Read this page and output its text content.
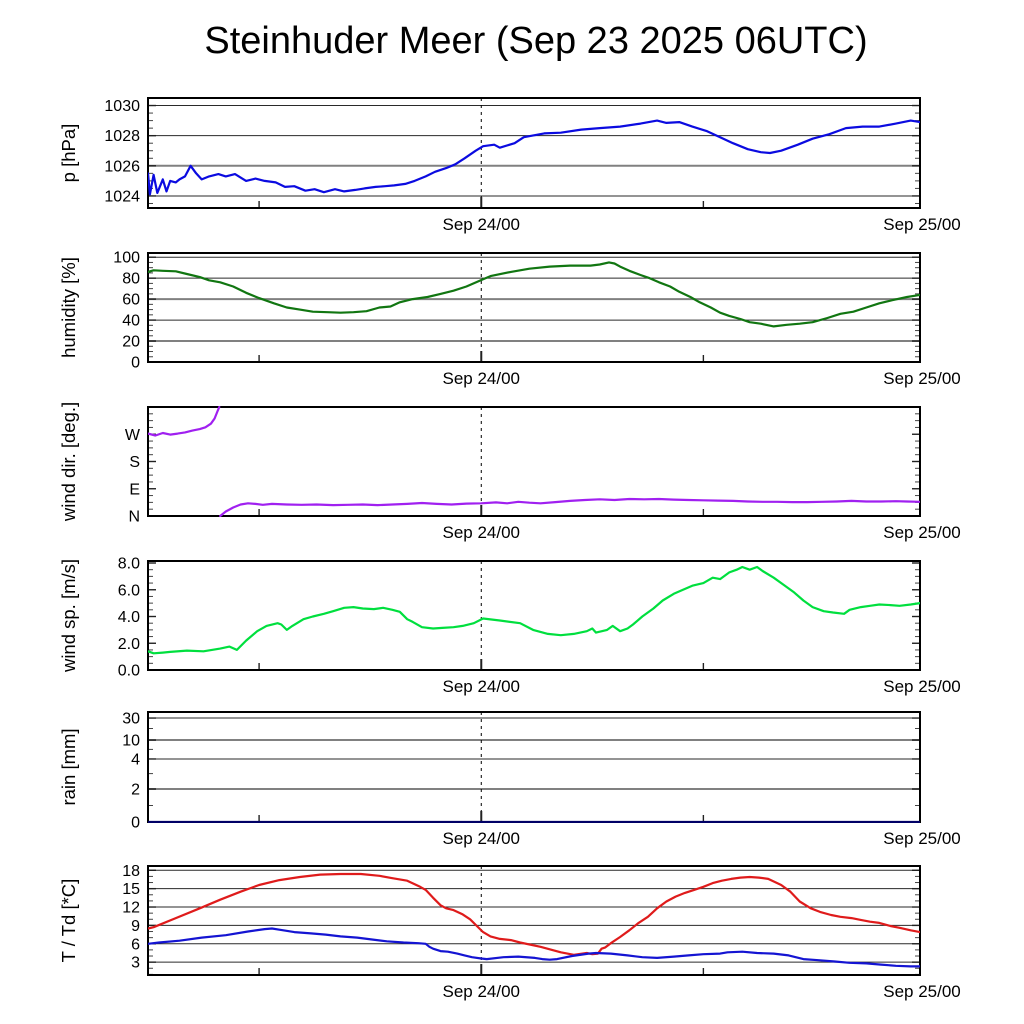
Steinhuder Meer (Sep 23 2025 06UTC)
Sep 24/00	Sep 25/00
1024
1026
1028
1030
p [hPa]
Sep 24/00	Sep 25/00
0
20
40
60
80
100
humidity [%]
Sep 24/00	Sep 25/00
N
E
S
W
wind dir. [deg.]
Sep 24/00	Sep 25/00
0.0
2.0
4.0
6.0
8.0
wind sp. [m/s]
Sep 24/00	Sep 25/00
0
2
4
10
30
rain [mm]
Sep 24/00	Sep 25/00
3
6
9
12
15
18
T / Td [*C]
